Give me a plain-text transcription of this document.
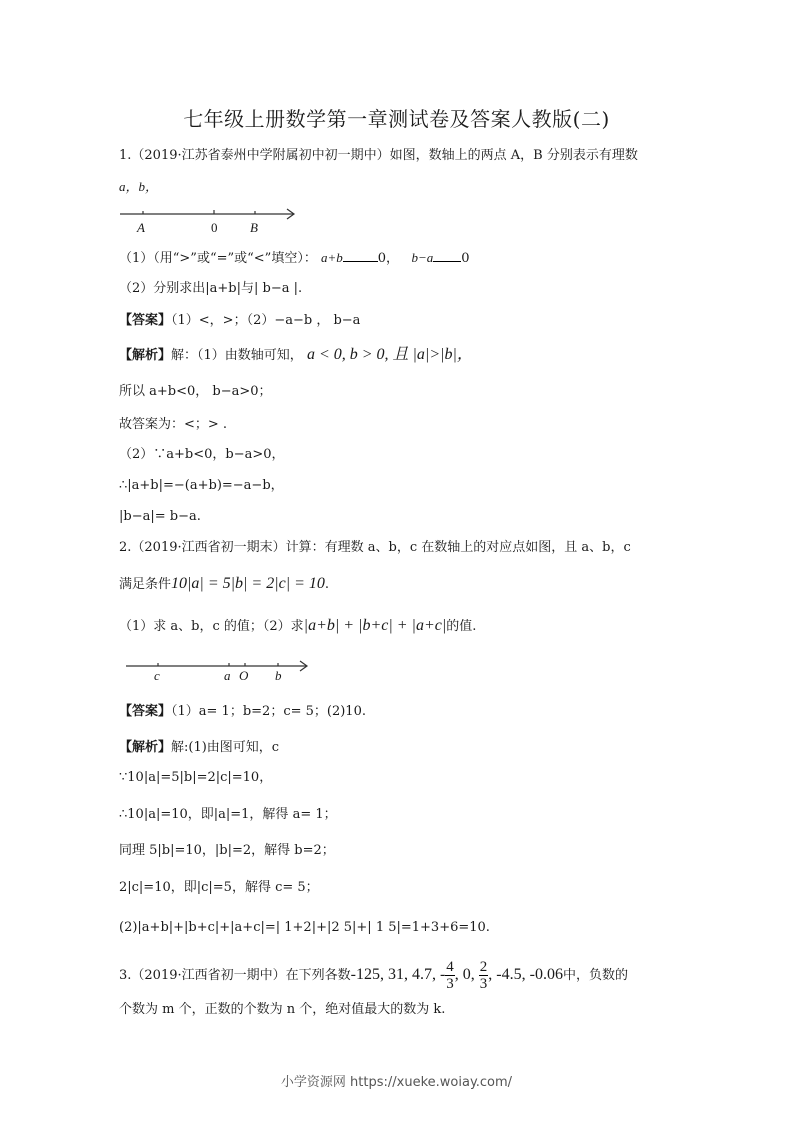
七年级上册数学第一章测试卷及答案人教版(二)
1.（2019·江苏省泰州中学附属初中初一期中）如图，数轴上的两点 A，B 分别表示有理数
a，b，
A	0	B
（1）（用“>”或“=”或“<”填空）： a+b	0， b−a 0
（2）分别求出|a+b|与| b−a |.
【答案】（1）<，>；（2）−a−b ， b−a
【解析】解：（1）由数轴可知， a < 0, b > 0, 且 |a|>|b|，
所以 a+b<0， b−a>0；
故答案为：<；> .
（2）∵a+b<0，b−a>0，
∴|a+b|=−(a+b)=−a−b，
|b−a|= b−a.
2.（2019·江西省初一期末）计算：有理数 a、b，c 在数轴上的对应点如图，且 a、b，c
满足条件10|a| = 5|b| = 2|c| = 10.
（1）求 a、b，c 的值；（2）求|a+b| + |b+c| + |a+c|的值.
c	a O b
【答案】（1）a= 1；b=2；c= 5；(2)10.
【解析】解:(1)由图可知，c
∵10|a|=5|b|=2|c|=10，
∴10|a|=10，即|a|=1，解得 a= 1；
同理 5|b|=10，|b|=2，解得 b=2；
2|c|=10，即|c|=5，解得 c= 5；
(2)|a+b|+|b+c|+|a+c|=| 1+2|+|2 5|+| 1 5|=1+3+6=10.
3.（2019·江西省初一期中）在下列各数-125, 31, 4.7, - $\frac{4}{3}$ , 0, $\frac{2}{3}$ , -4.5, -0.06中，负数的
个数为 m 个，正数的个数为 n 个，绝对值最大的数为 k.
小学资源网 https://xueke.woiay.com/
